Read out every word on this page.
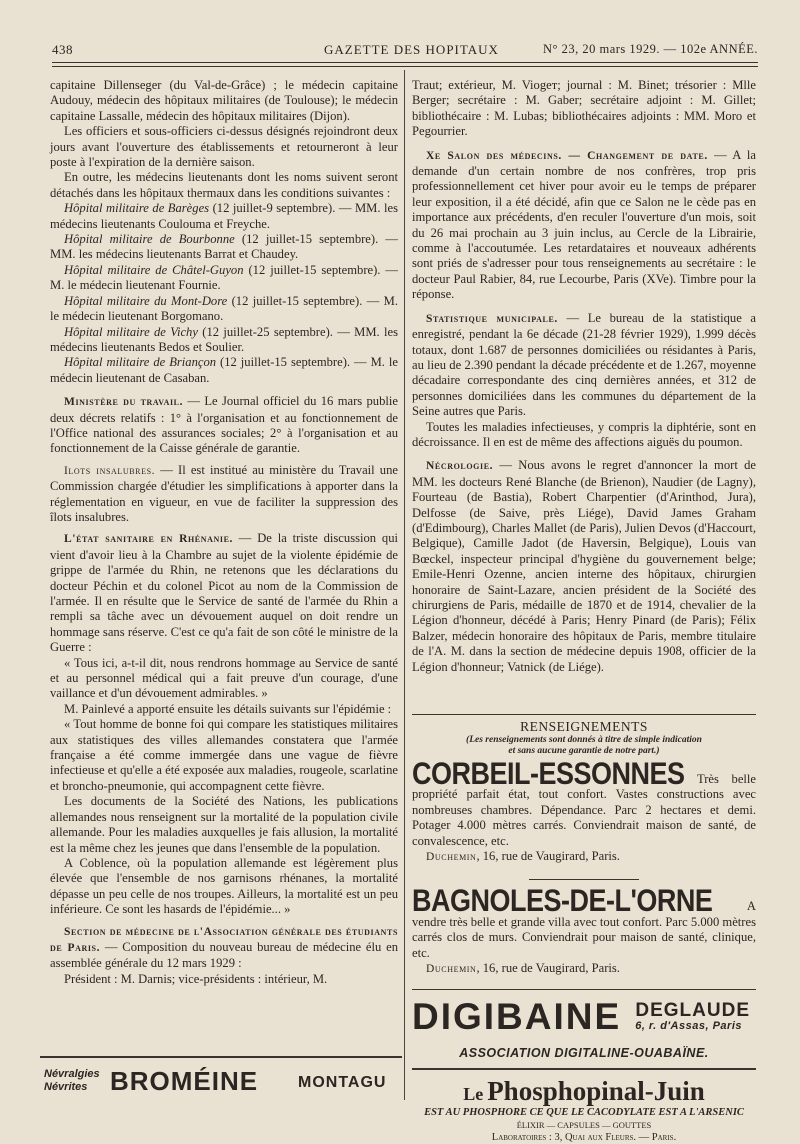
438	GAZETTE DES HOPITAUX	N° 23, 20 mars 1929. — 102e ANNÉE.

capitaine Dillenseger (du Val-de-Grâce) ; le médecin capitaine Audouy, médecin des hôpitaux militaires (de Toulouse); le médecin capitaine Lassalle, médecin des hôpitaux militaires (Dijon).

Les officiers et sous-officiers ci-dessus désignés rejoindront deux jours avant l'ouverture des établissements et retourneront à leur poste à l'expiration de la dernière saison.

En outre, les médecins lieutenants dont les noms suivent seront détachés dans les hôpitaux thermaux dans les conditions suivantes :

Hôpital militaire de Barèges (12 juillet-9 septembre). — MM. les médecins lieutenants Coulouma et Freyche.

Hôpital militaire de Bourbonne (12 juillet-15 septembre). — MM. les médecins lieutenants Barrat et Chaudey.

Hôpital militaire de Châtel-Guyon (12 juillet-15 septembre). — M. le médecin lieutenant Fournie.

Hôpital militaire du Mont-Dore (12 juillet-15 septembre). — M. le médecin lieutenant Borgomano.

Hôpital militaire de Vichy (12 juillet-25 septembre). — MM. les médecins lieutenants Bedos et Soulier.

Hôpital militaire de Briançon (12 juillet-15 septembre). — M. le médecin lieutenant de Casaban.

Ministère du travail. — Le Journal officiel du 16 mars publie deux décrets relatifs : 1° à l'organisation et au fonctionnement de l'Office national des assurances sociales; 2° à l'organisation et au fonctionnement de la Caisse générale de garantie.

Ilots insalubres. — Il est institué au ministère du Travail une Commission chargée d'étudier les simplifications à apporter dans la réglementation en vigueur, en vue de faciliter la suppression des îlots insalubres.

L'état sanitaire en Rhénanie. — De la triste discussion qui vient d'avoir lieu à la Chambre au sujet de la violente épidémie de grippe de l'armée du Rhin, ne retenons que les déclarations du docteur Péchin et du colonel Picot au nom de la Commission de l'armée. Il en résulte que le Service de santé de l'armée du Rhin a rempli sa tâche avec un dévouement auquel on doit rendre un hommage sans réserve. C'est ce qu'a fait de son côté le ministre de la Guerre :

« Tous ici, a-t-il dit, nous rendrons hommage au Service de santé et au personnel médical qui a fait preuve d'un courage, d'une vaillance et d'un dévouement admirables. »

M. Painlevé a apporté ensuite les détails suivants sur l'épidémie :

« Tout homme de bonne foi qui compare les statistiques militaires aux statistiques des villes allemandes constatera que l'armée française a été comme immergée dans une vague de fièvre infectieuse et qu'elle a été exposée aux maladies, rougeole, scarlatine et broncho-pneumonie, qui accompagnent cette fièvre.

Les documents de la Société des Nations, les publications allemandes nous renseignent sur la mortalité de la population civile allemande. Pour les maladies auxquelles je fais allusion, la mortalité est la même chez les jeunes que dans l'ensemble de la population.

A Coblence, où la population allemande est légèrement plus élevée que l'ensemble de nos garnisons rhénanes, la mortalité dépasse un peu celle de nos troupes. Ailleurs, la mortalité est un peu inférieure. Ce sont les hasards de l'épidémie... »

Section de médecine de l'Association générale des étudiants de Paris. — Composition du nouveau bureau de médecine élu en assemblée générale du 12 mars 1929 :

Président : M. Darnis; vice-présidents : intérieur, M.

Névralgies
Névrites BROMÉINE MONTAGU

Traut; extérieur, M. Viogeт; journal : M. Binet; trésorier : Mlle Berger; secrétaire : M. Gaber; secrétaire adjoint : M. Gillet; bibliothécaire : M. Lubas; bibliothécaires adjoints : MM. Moro et Pegourrier.

Xe Salon des médecins. — Changement de date. — A la demande d'un certain nombre de nos confrères, trop pris professionnellement cet hiver pour avoir eu le temps de préparer leur exposition, il a été décidé, afin que ce Salon ne le cède pas en importance aux précédents, d'en reculer l'ouverture d'un mois, soit du 26 mai prochain au 3 juin inclus, au Cercle de la Librairie, comme à l'accoutumée. Les retardataires et nouveaux adhérents sont priés de s'adresser pour tous renseignements au secrétaire : le docteur Paul Rabier, 84, rue Lecourbe, Paris (XVe). Timbre pour la réponse.

Statistique municipale. — Le bureau de la statistique a enregistré, pendant la 6e décade (21-28 février 1929), 1.999 décès totaux, dont 1.687 de personnes domiciliées ou résidantes à Paris, au lieu de 2.390 pendant la décade précédente et de 1.267, moyenne décadaire correspondante des cinq dernières années, et 312 de personnes domiciliées dans les communes du département de la Seine autres que Paris.

Toutes les maladies infectieuses, y compris la diphtérie, sont en décroissance. Il en est de même des affections aiguës du poumon.

Nécrologie. — Nous avons le regret d'annoncer la mort de MM. les docteurs René Blanche (de Brienon), Naudier (de Lagny), Fourteau (de Bastia), Robert Charpentier (d'Arinthod, Jura), Delfosse (de Saive, près Liége), David James Graham (d'Edimbourg), Charles Mallet (de Paris), Julien Devos (d'Haccourt, Belgique), Camille Jadot (de Haversin, Belgique), Louis van Bœckel, inspecteur principal d'hygiène du gouvernement belge; Emile-Henri Ozenne, ancien interne des hôpitaux, chirurgien honoraire de Saint-Lazare, ancien président de la Société des chirurgiens de Paris, médaille de 1870 et de 1914, chevalier de la Légion d'honneur, décédé à Paris; Henry Pinard (de Paris); Félix Balzer, médecin honoraire des hôpitaux de Paris, membre titulaire de l'A. M. dans la section de médecine depuis 1908, officier de la Légion d'honneur; Vatnick (de Liége).

RENSEIGNEMENTS
(Les renseignements sont donnés à titre de simple indication
et sans aucune garantie de notre part.)
CORBEIL-ESSONNES Très belle propriété parfait état, tout confort. Vastes constructions avec nombreuses chambres. Dépendance. Parc 2 hectares et demi. Potager 4.000 mètres carrés. Conviendrait maison de santé, de convalescence, etc.
Duchemin, 16, rue de Vaugirard, Paris.
BAGNOLES-DE-L'ORNE A vendre très belle et grande villa avec tout confort. Parc 5.000 mètres carrés clos de murs. Conviendrait pour maison de santé, clinique, etc.
Duchemin, 16, rue de Vaugirard, Paris.
DIGIBAINE DEGLAUDE
6, r. d'Assas, Paris
ASSOCIATION DIGITALINE-OUABAÏNE.
Le Phosphopinal-Juin
EST AU PHOSPHORE CE QUE LE CACODYLATE EST A L'ARSENIC
ÉLIXIR — CAPSULES — GOUTTES
Laboratoires : 3, Quai aux Fleurs. — Paris.
